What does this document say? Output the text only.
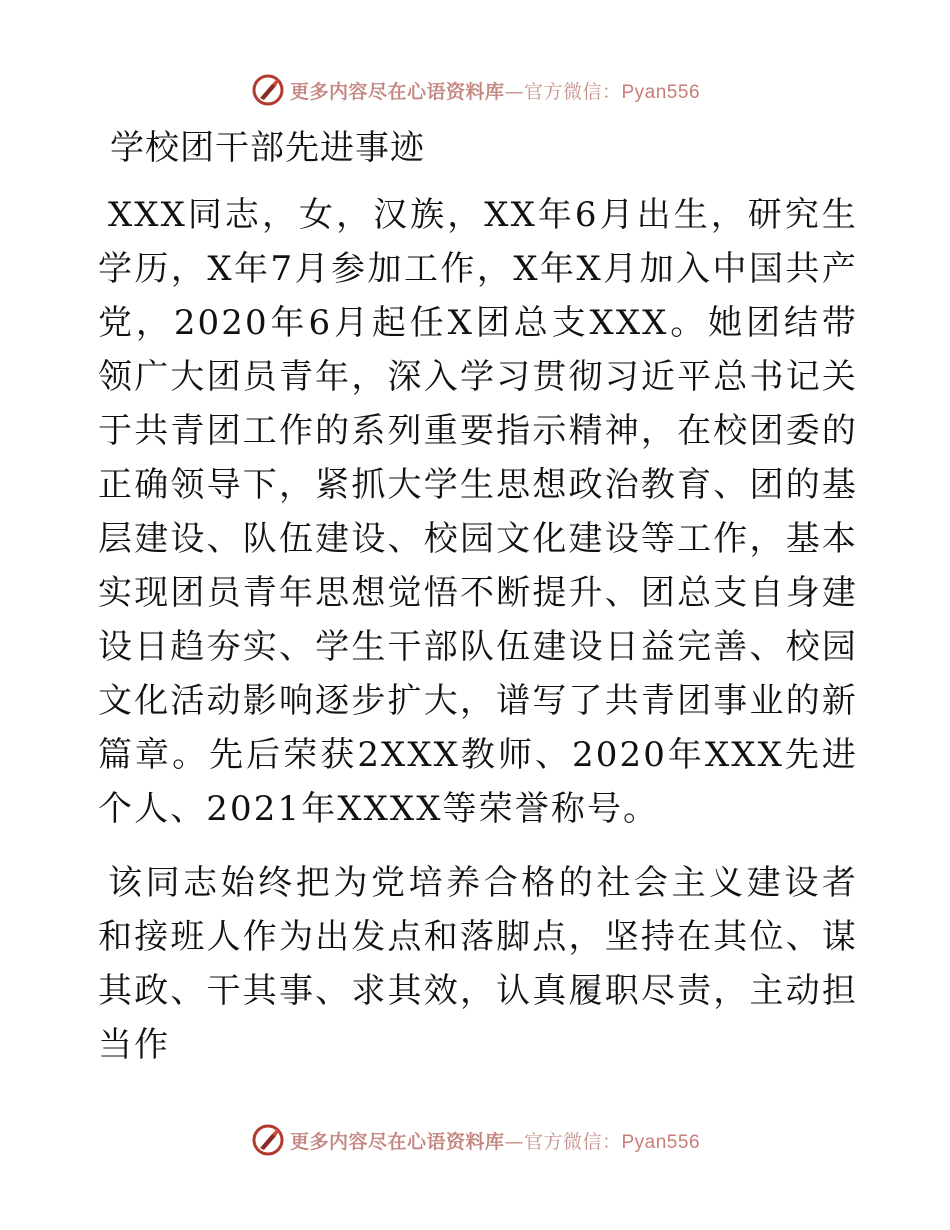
更多内容尽在心语资料库—官方微信：Pyan556
学校团干部先进事迹

XXX同志，女，汉族，XX年6月出生，研究生学历，X年7月参加工作，X年X月加入中国共产党，2020年6月起任X团总支XXX。她团结带领广大团员青年，深入学习贯彻习近平总书记关于共青团工作的系列重要指示精神，在校团委的正确领导下，紧抓大学生思想政治教育、团的基层建设、队伍建设、校园文化建设等工作，基本实现团员青年思想觉悟不断提升、团总支自身建设日趋夯实、学生干部队伍建设日益完善、校园文化活动影响逐步扩大，谱写了共青团事业的新篇章。先后荣获2XXX教师、2020年XXX先进个人、2021年XXXX等荣誉称号。

该同志始终把为党培养合格的社会主义建设者和接班人作为出发点和落脚点，坚持在其位、谋其政、干其事、求其效，认真履职尽责，主动担当作

更多内容尽在心语资料库—官方微信：Pyan556
